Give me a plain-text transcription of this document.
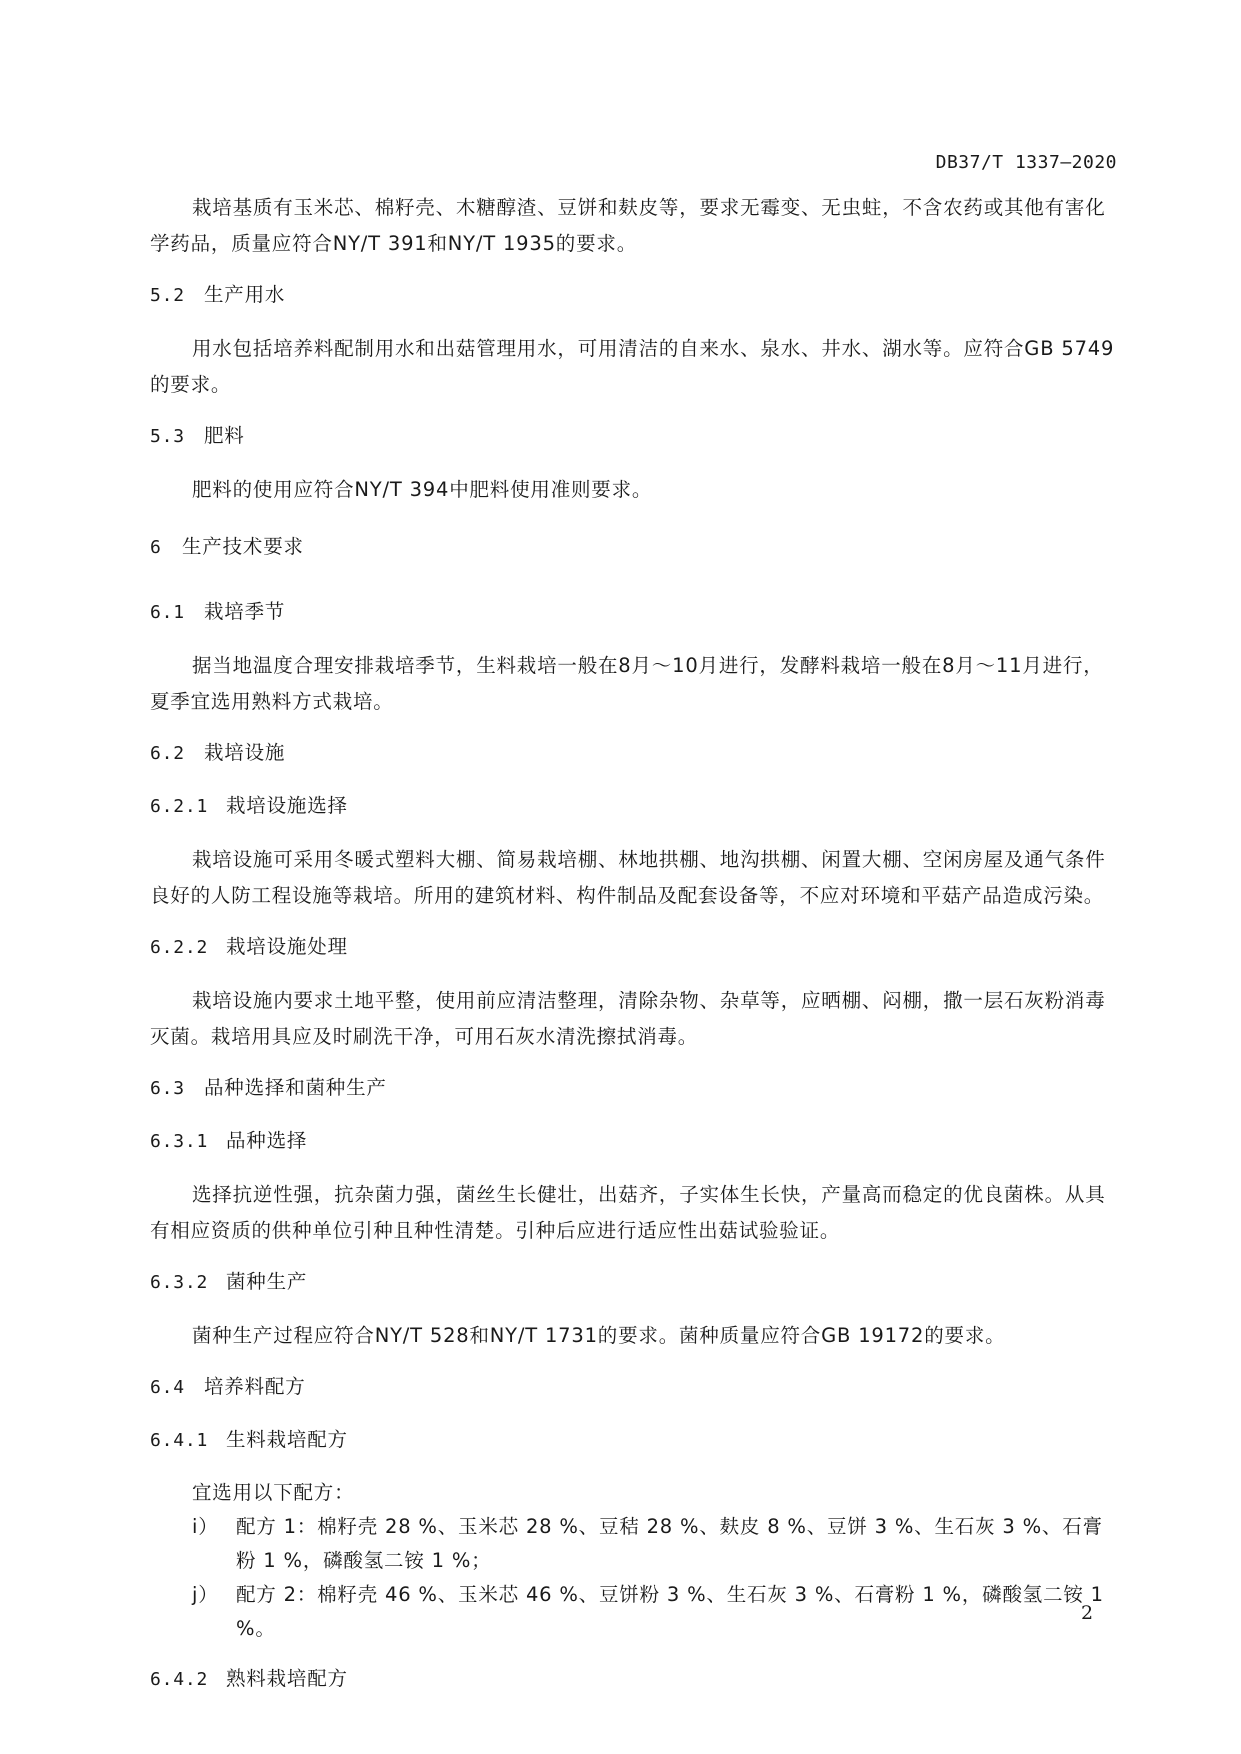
DB37/T 1337—2020

栽培基质有玉米芯、棉籽壳、木糖醇渣、豆饼和麸皮等，要求无霉变、无虫蛀，不含农药或其他有害化学药品，质量应符合NY/T 391和NY/T 1935的要求。

5.2 生产用水

用水包括培养料配制用水和出菇管理用水，可用清洁的自来水、泉水、井水、湖水等。应符合GB 5749的要求。

5.3 肥料

肥料的使用应符合NY/T 394中肥料使用准则要求。

6 生产技术要求
6.1 栽培季节

据当地温度合理安排栽培季节，生料栽培一般在8月～10月进行，发酵料栽培一般在8月～11月进行，夏季宜选用熟料方式栽培。

6.2 栽培设施
6.2.1 栽培设施选择

栽培设施可采用冬暖式塑料大棚、简易栽培棚、林地拱棚、地沟拱棚、闲置大棚、空闲房屋及通气条件良好的人防工程设施等栽培。所用的建筑材料、构件制品及配套设备等，不应对环境和平菇产品造成污染。

6.2.2 栽培设施处理

栽培设施内要求土地平整，使用前应清洁整理，清除杂物、杂草等，应晒棚、闷棚，撒一层石灰粉消毒灭菌。栽培用具应及时刷洗干净，可用石灰水清洗擦拭消毒。

6.3 品种选择和菌种生产
6.3.1 品种选择

选择抗逆性强，抗杂菌力强，菌丝生长健壮，出菇齐，子实体生长快，产量高而稳定的优良菌株。从具有相应资质的供种单位引种且种性清楚。引种后应进行适应性出菇试验验证。

6.3.2 菌种生产

菌种生产过程应符合NY/T 528和NY/T 1731的要求。菌种质量应符合GB 19172的要求。

6.4 培养料配方
6.4.1 生料栽培配方

宜选用以下配方：

i） 配方 1：棉籽壳 28 %、玉米芯 28 %、豆秸 28 %、麸皮 8 %、豆饼 3 %、生石灰 3 %、石膏粉 1 %，磷酸氢二铵 1 %；
j） 配方 2：棉籽壳 46 %、玉米芯 46 %、豆饼粉 3 %、生石灰 3 %、石膏粉 1 %，磷酸氢二铵 1 %。
6.4.2 熟料栽培配方
2
